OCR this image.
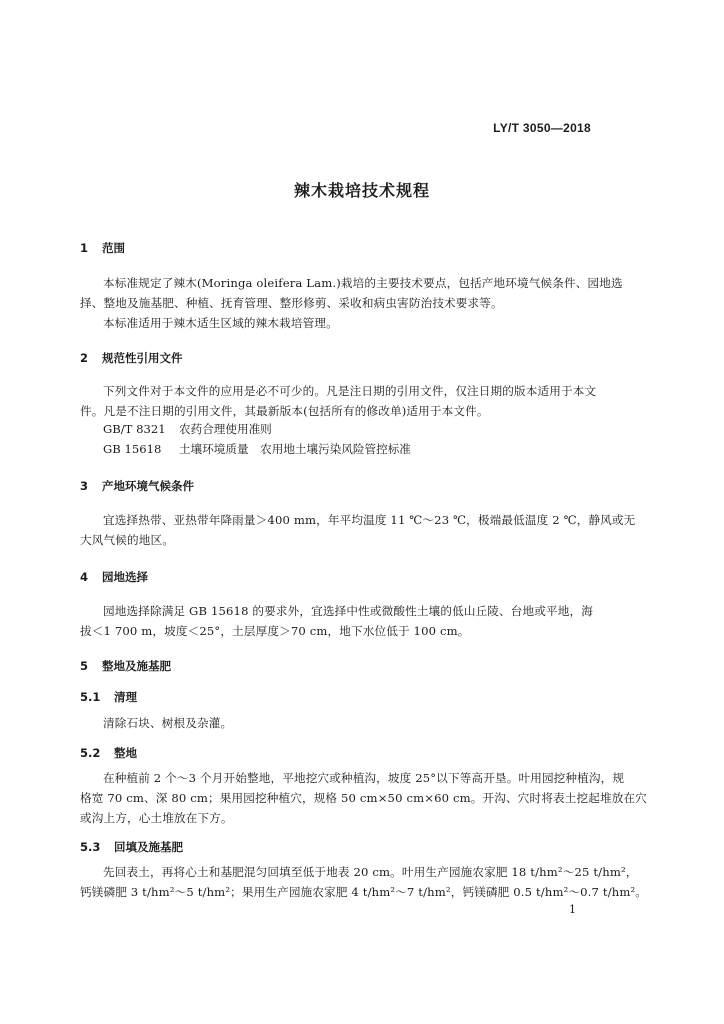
LY/T 3050—2018
辣木栽培技术规程
1 范围
本标准规定了辣木(Moringa oleifera Lam.)栽培的主要技术要点，包括产地环境气候条件、园地选
择、整地及施基肥、种植、抚育管理、整形修剪、采收和病虫害防治技术要求等。
本标准适用于辣木适生区域的辣木栽培管理。
2 规范性引用文件
下列文件对于本文件的应用是必不可少的。凡是注日期的引用文件，仅注日期的版本适用于本文
件。凡是不注日期的引用文件，其最新版本(包括所有的修改单)适用于本文件。
GB/T 8321 农药合理使用准则
GB 15618 土壤环境质量　农用地土壤污染风险管控标准
3 产地环境气候条件
宜选择热带、亚热带年降雨量＞400 mm，年平均温度 11 ℃～23 ℃，极端最低温度 2 ℃，静风或无
大风气候的地区。
4 园地选择
园地选择除满足 GB 15618 的要求外，宜选择中性或微酸性土壤的低山丘陵、台地或平地，海
拔＜1 700 m，坡度＜25°，土层厚度＞70 cm，地下水位低于 100 cm。
5 整地及施基肥
5.1 清理
清除石块、树根及杂灌。
5.2 整地
在种植前 2 个～3 个月开始整地，平地挖穴或种植沟，坡度 25°以下等高开垦。叶用园挖种植沟，规
格宽 70 cm、深 80 cm；果用园挖种植穴，规格 50 cm×50 cm×60 cm。开沟、穴时将表土挖起堆放在穴
或沟上方，心土堆放在下方。
5.3 回填及施基肥
先回表土，再将心土和基肥混匀回填至低于地表 20 cm。叶用生产园施农家肥 18 t/hm²～25 t/hm²，
钙镁磷肥 3 t/hm²～5 t/hm²；果用生产园施农家肥 4 t/hm²～7 t/hm²，钙镁磷肥 0.5 t/hm²～0.7 t/hm²。
1
